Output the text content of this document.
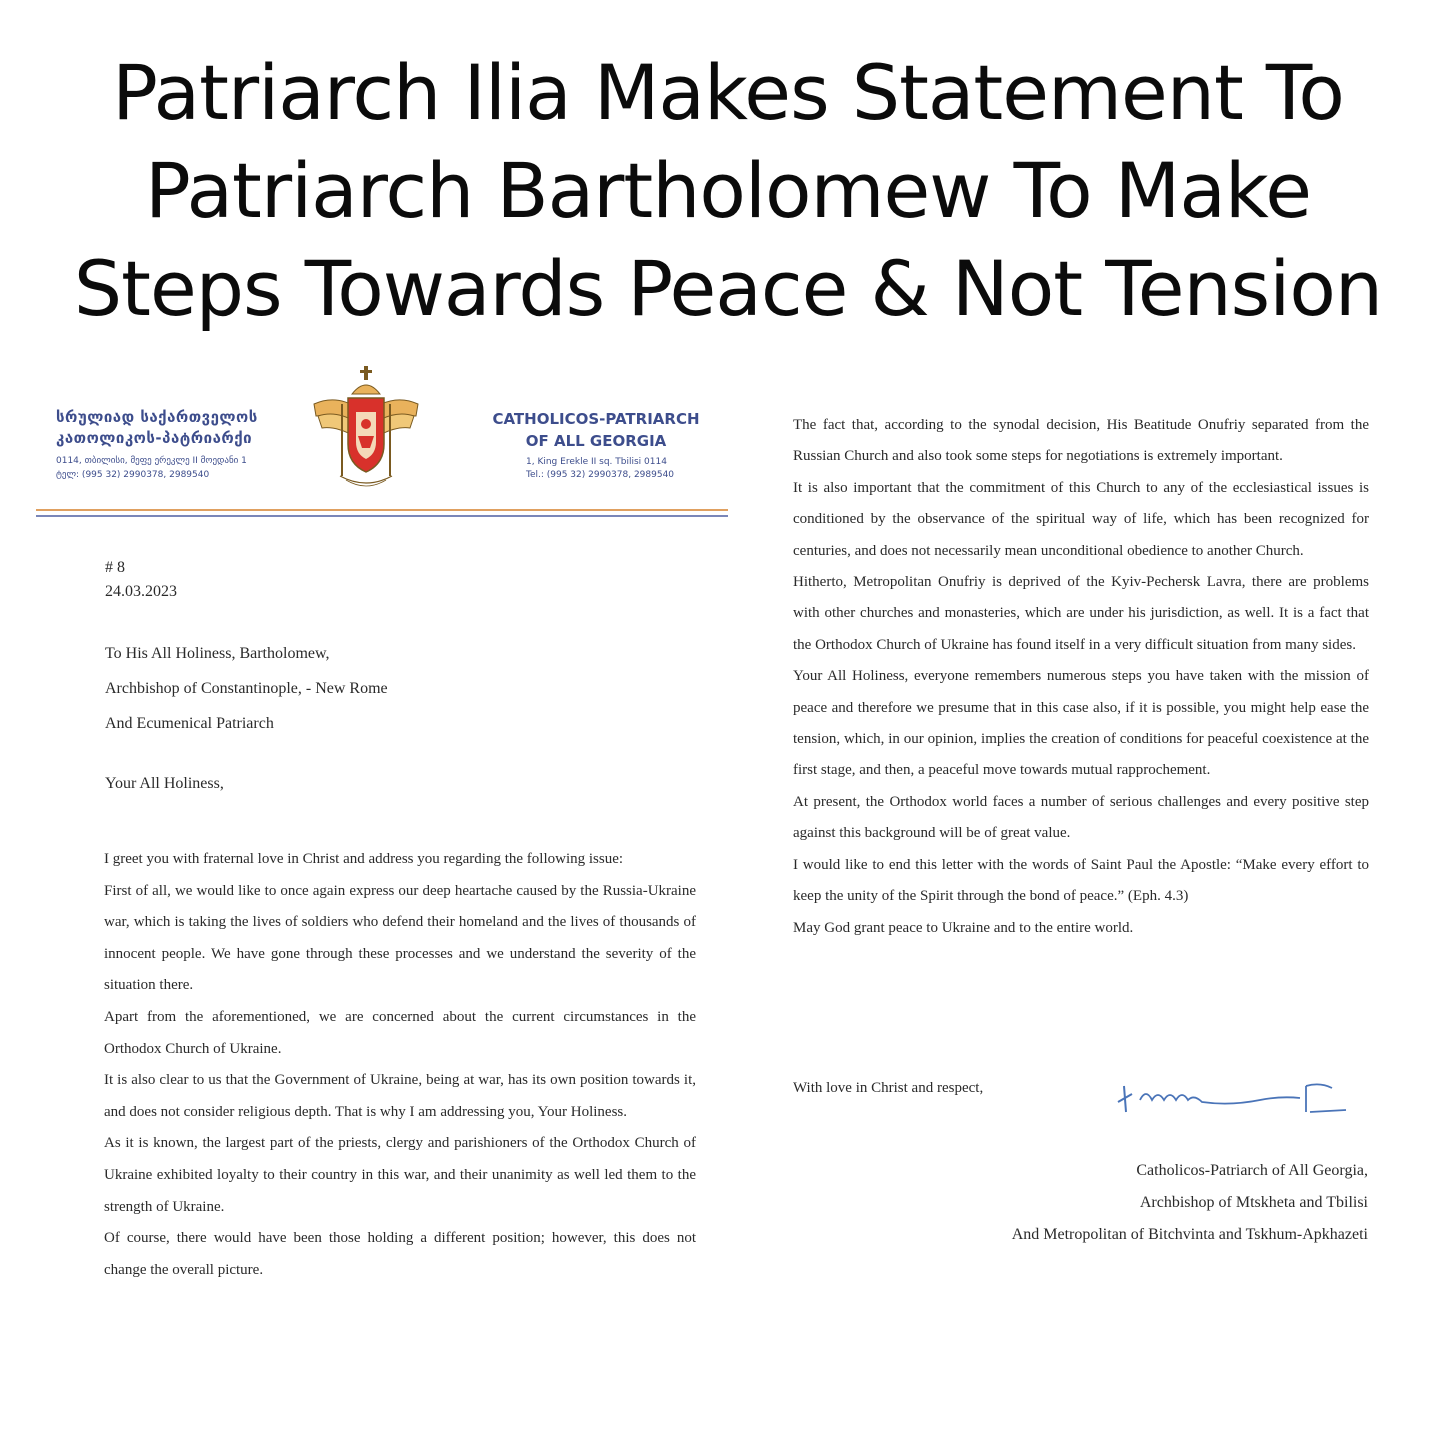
Patriarch Ilia Makes Statement To
Patriarch Bartholomew To Make
Steps Towards Peace & Not Tension
სრულიად საქართველოს
კათოლიკოს-პატრიარქი
0114, თბილისი, მეფე ერეკლე II მოედანი 1
ტელ: (995 32) 2990378, 2989540
CATHOLICOS-PATRIARCH
OF ALL GEORGIA
1, King Erekle II sq. Tbilisi 0114
Tel.: (995 32) 2990378, 2989540
# 8
24.03.2023
To His All Holiness, Bartholomew,
Archbishop of Constantinople, - New Rome
And Ecumenical Patriarch
Your All Holiness,

I greet you with fraternal love in Christ and address you regarding the following issue:

First of all, we would like to once again express our deep heartache caused by the Russia-Ukraine war, which is taking the lives of soldiers who defend their homeland and the lives of thousands of innocent people. We have gone through these processes and we understand the severity of the situation there.

Apart from the aforementioned, we are concerned about the current circumstances in the Orthodox Church of Ukraine.

It is also clear to us that the Government of Ukraine, being at war, has its own position towards it, and does not consider religious depth. That is why I am addressing you, Your Holiness.

As it is known, the largest part of the priests, clergy and parishioners of the Orthodox Church of Ukraine exhibited loyalty to their country in this war, and their unanimity as well led them to the strength of Ukraine.

Of course, there would have been those holding a different position; however, this does not change the overall picture.

The fact that, according to the synodal decision, His Beatitude Onufriy separated from the Russian Church and also took some steps for negotiations is extremely important.

It is also important that the commitment of this Church to any of the ecclesiastical issues is conditioned by the observance of the spiritual way of life, which has been recognized for centuries, and does not necessarily mean unconditional obedience to another Church.

Hitherto, Metropolitan Onufriy is deprived of the Kyiv-Pechersk Lavra, there are problems with other churches and monasteries, which are under his jurisdiction, as well. It is a fact that the Orthodox Church of Ukraine has found itself in a very difficult situation from many sides.

Your All Holiness, everyone remembers numerous steps you have taken with the mission of peace and therefore we presume that in this case also, if it is possible, you might help ease the tension, which, in our opinion, implies the creation of conditions for peaceful coexistence at the first stage, and then, a peaceful move towards mutual rapprochement.

At present, the Orthodox world faces a number of serious challenges and every positive step against this background will be of great value.

I would like to end this letter with the words of Saint Paul the Apostle: “Make every effort to keep the unity of the Spirit through the bond of peace.” (Eph. 4.3)

May God grant peace to Ukraine and to the entire world.

With love in Christ and respect,
Catholicos-Patriarch of All Georgia,
Archbishop of Mtskheta and Tbilisi
And Metropolitan of Bitchvinta and Tskhum-Apkhazeti
